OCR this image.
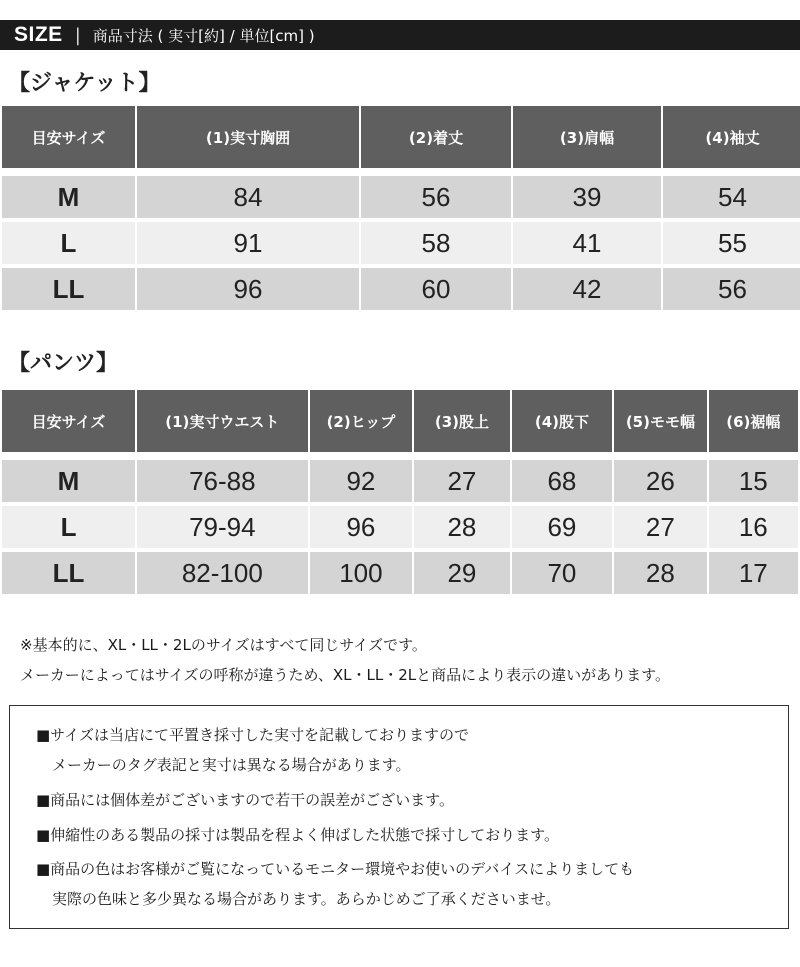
SIZE | 商品寸法 ( 実寸[約] / 単位[cm] )
【ジャケット】
目安サイズ	(1)実寸胸囲	(2)着丈	(3)肩幅	(4)袖丈

M	84	56	39	54

L	91	58	41	55

LL	96	60	42	56
【パンツ】
目安サイズ	(1)実寸ウエスト	(2)ヒップ	(3)股上	(4)股下	(5)モモ幅	(6)裾幅

M	76-88	92	27	68	26	15

L	79-94	96	28	69	27	16

LL	82-100	100	29	70	28	17
※基本的に、XL・LL・2Lのサイズはすべて同じサイズです。
メーカーによってはサイズの呼称が違うため、XL・LL・2Lと商品により表示の違いがあります。
■サイズは当店にて平置き採寸した実寸を記載しておりますので
メーカーのタグ表記と実寸は異なる場合があります。
■商品には個体差がございますので若干の誤差がございます。
■伸縮性のある製品の採寸は製品を程よく伸ばした状態で採寸しております。
■商品の色はお客様がご覧になっているモニター環境やお使いのデバイスによりましても
実際の色味と多少異なる場合があります。あらかじめご了承くださいませ。
